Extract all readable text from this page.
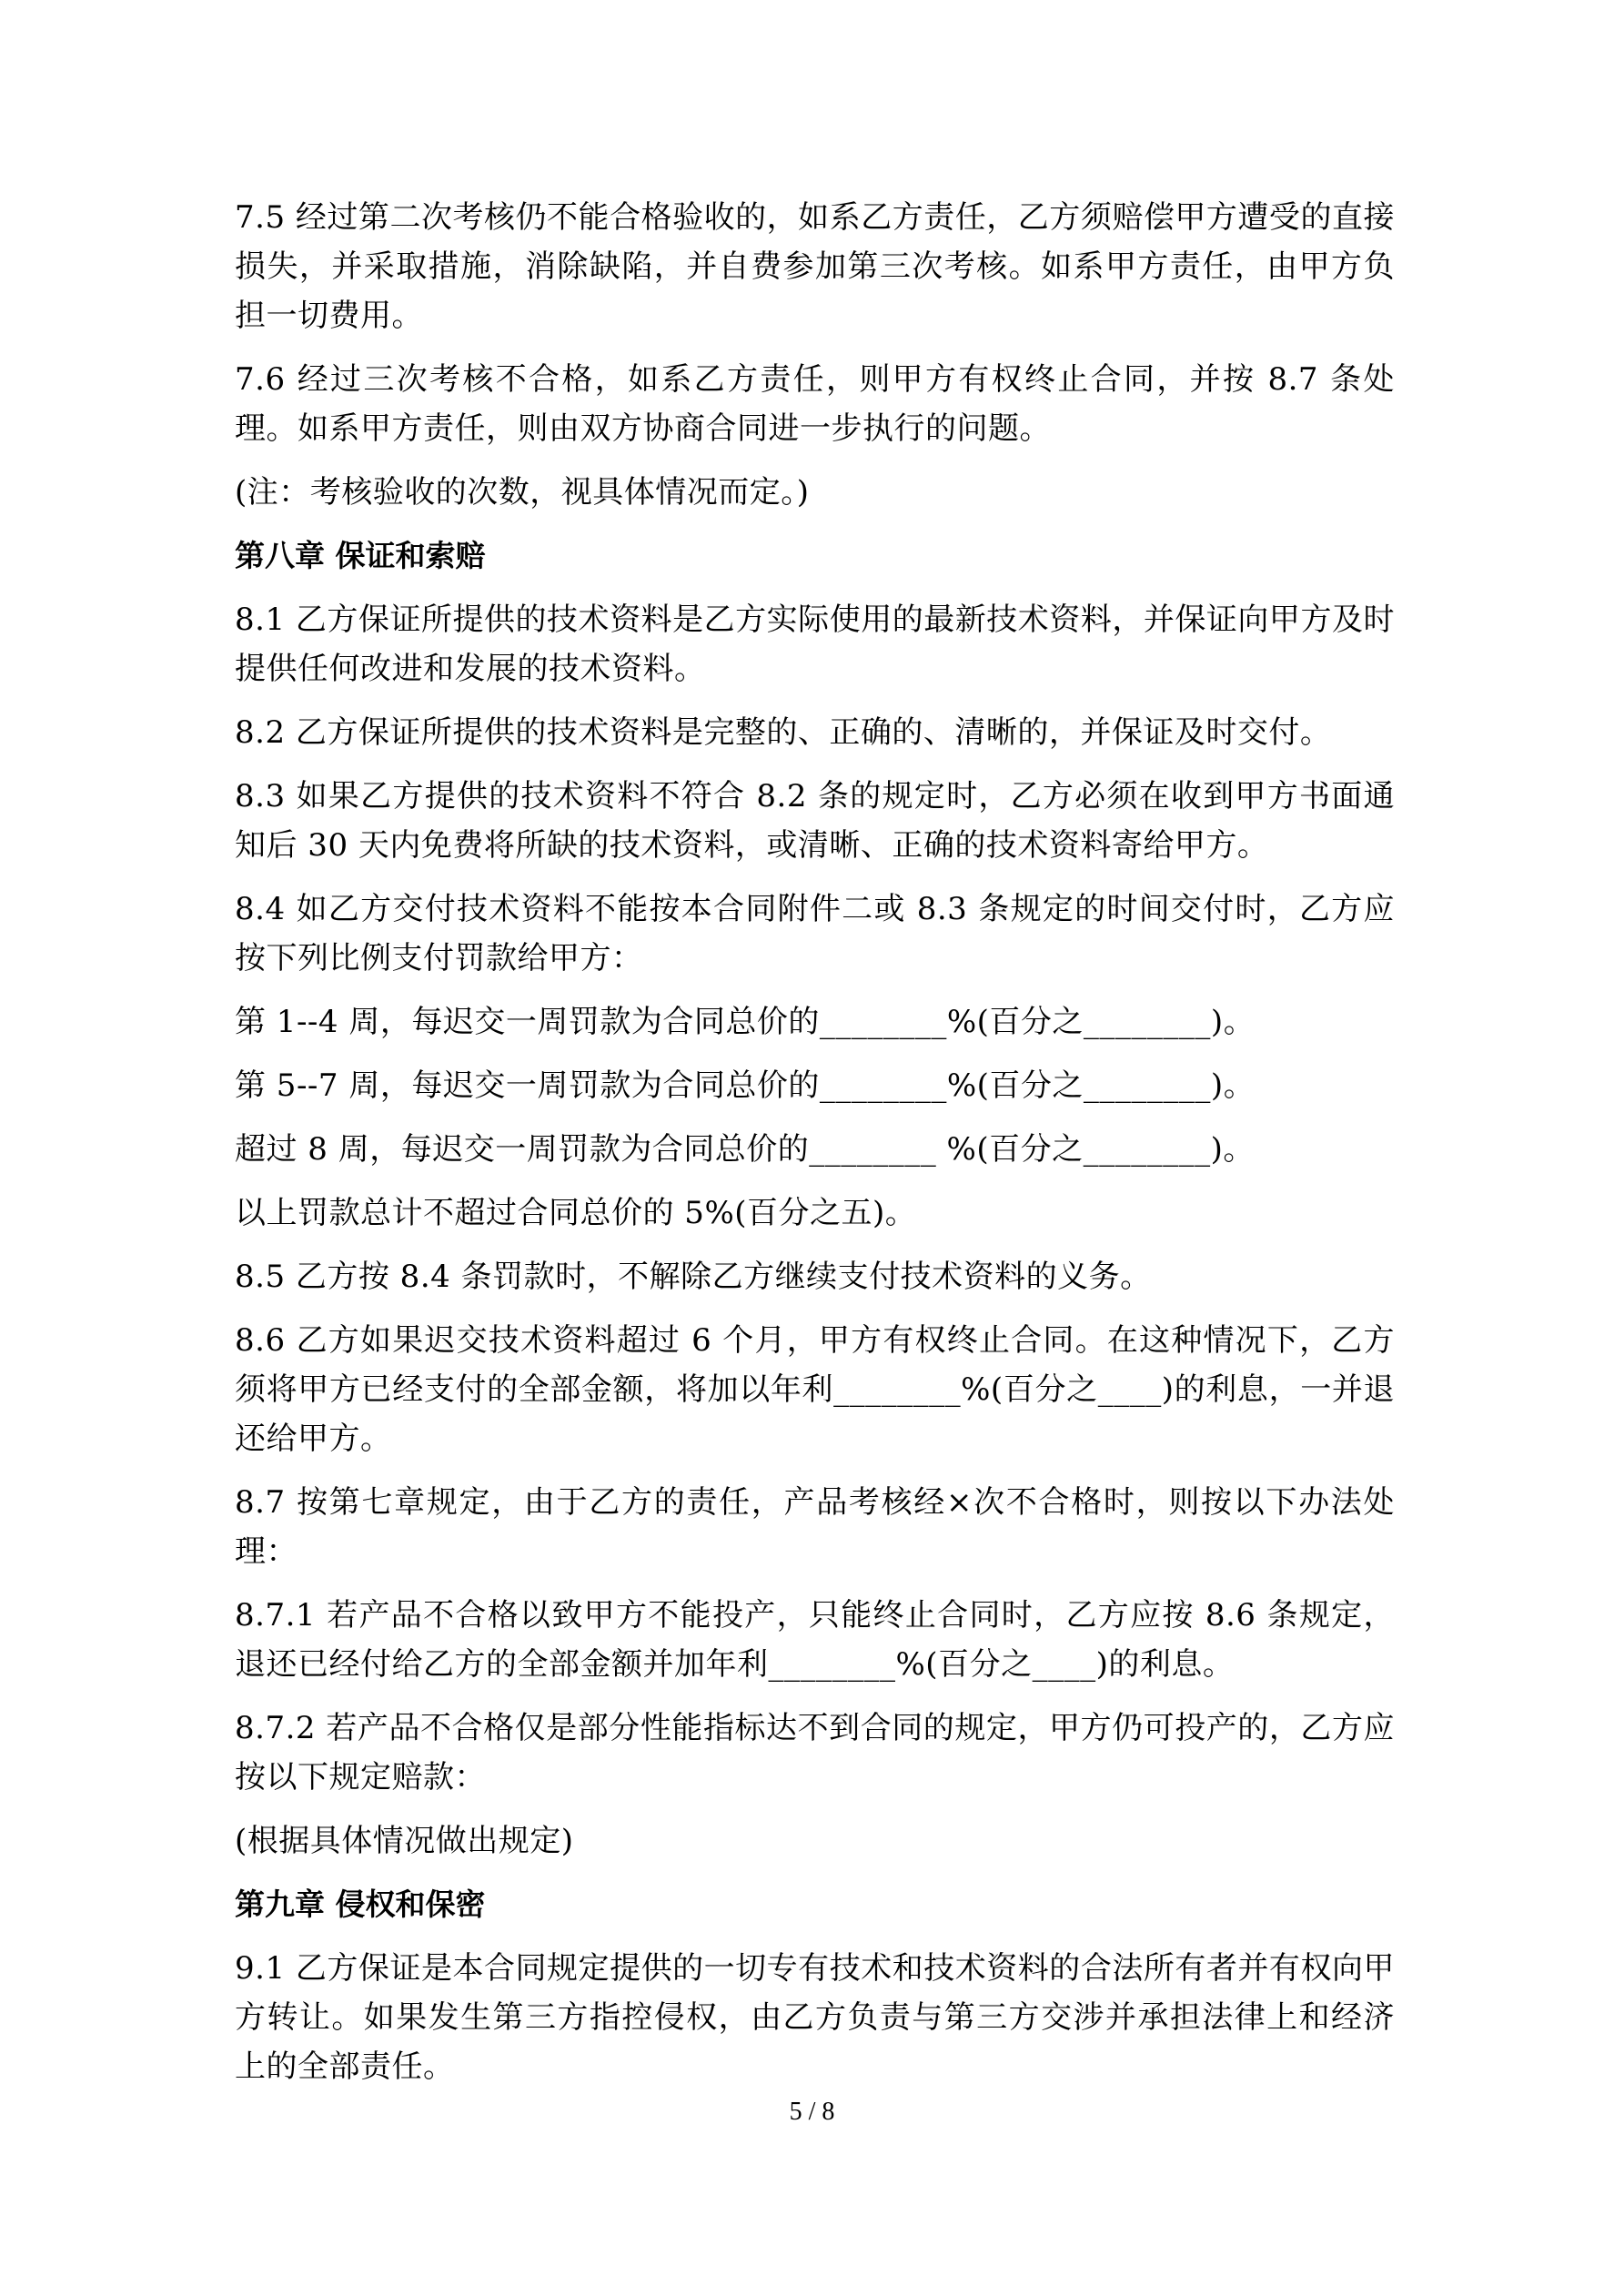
7.5 经过第二次考核仍不能合格验收的，如系乙方责任，乙方须赔偿甲方遭受的直接损失，并采取措施，消除缺陷，并自费参加第三次考核。如系甲方责任，由甲方负担一切费用。

7.6 经过三次考核不合格，如系乙方责任，则甲方有权终止合同，并按 8.7 条处理。如系甲方责任，则由双方协商合同进一步执行的问题。

(注：考核验收的次数，视具体情况而定。)

第八章 保证和索赔

8.1 乙方保证所提供的技术资料是乙方实际使用的最新技术资料，并保证向甲方及时提供任何改进和发展的技术资料。

8.2 乙方保证所提供的技术资料是完整的、正确的、清晰的，并保证及时交付。

8.3 如果乙方提供的技术资料不符合 8.2 条的规定时，乙方必须在收到甲方书面通知后 30 天内免费将所缺的技术资料，或清晰、正确的技术资料寄给甲方。

8.4 如乙方交付技术资料不能按本合同附件二或 8.3 条规定的时间交付时，乙方应按下列比例支付罚款给甲方：

第 1--4 周，每迟交一周罚款为合同总价的________%(百分之________)。

第 5--7 周，每迟交一周罚款为合同总价的________%(百分之________)。

超过 8 周，每迟交一周罚款为合同总价的________ %(百分之________)。

以上罚款总计不超过合同总价的 5%(百分之五)。

8.5 乙方按 8.4 条罚款时，不解除乙方继续支付技术资料的义务。

8.6 乙方如果迟交技术资料超过 6 个月，甲方有权终止合同。在这种情况下，乙方须将甲方已经支付的全部金额，将加以年利________%(百分之____)的利息，一并退还给甲方。

8.7 按第七章规定，由于乙方的责任，产品考核经×次不合格时，则按以下办法处理：

8.7.1 若产品不合格以致甲方不能投产，只能终止合同时，乙方应按 8.6 条规定，退还已经付给乙方的全部金额并加年利________%(百分之____)的利息。

8.7.2 若产品不合格仅是部分性能指标达不到合同的规定，甲方仍可投产的，乙方应按以下规定赔款：

(根据具体情况做出规定)

第九章 侵权和保密

9.1 乙方保证是本合同规定提供的一切专有技术和技术资料的合法所有者并有权向甲方转让。如果发生第三方指控侵权，由乙方负责与第三方交涉并承担法律上和经济上的全部责任。

5 / 8
